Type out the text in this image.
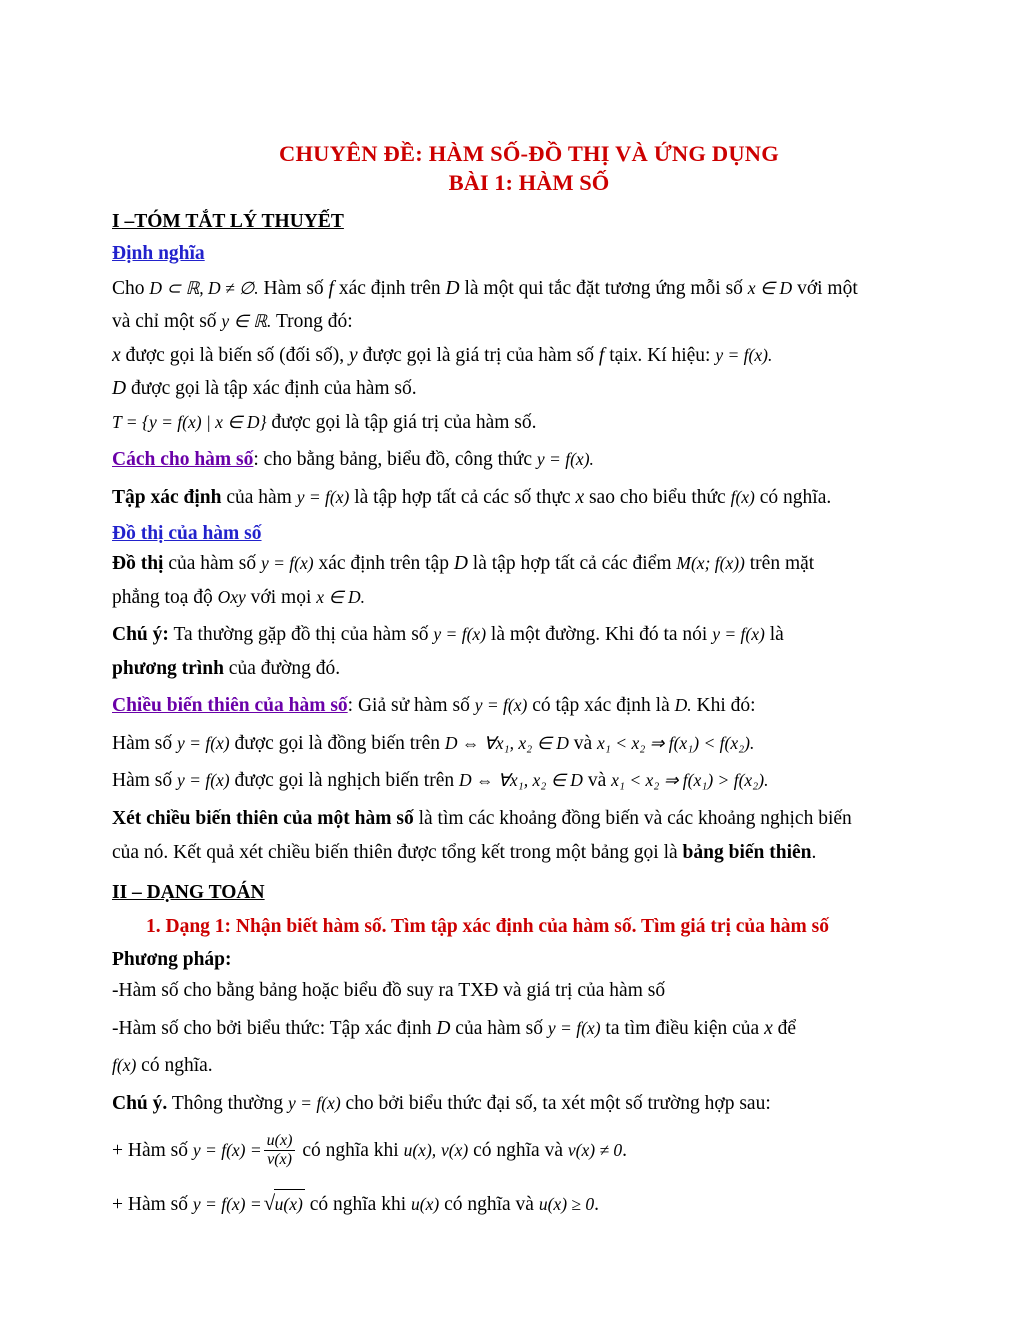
CHUYÊN ĐỀ: HÀM SỐ-ĐỒ THỊ VÀ ỨNG DỤNG
BÀI 1: HÀM SỐ
I –TÓM TẮT LÝ THUYẾT
Định nghĩa
Cho D ⊂ ℝ, D ≠ ∅. Hàm số f xác định trên D là một qui tắc đặt tương ứng mỗi số x ∈ D với một
và chỉ một số y ∈ ℝ. Trong đó:
x được gọi là biến số (đối số), y được gọi là giá trị của hàm số f tạix. Kí hiệu: y = f(x).
D được gọi là tập xác định của hàm số.
T = {y = f(x) | x ∈ D} được gọi là tập giá trị của hàm số.
Cách cho hàm số: cho bằng bảng, biểu đồ, công thức y = f(x).
Tập xác định của hàm y = f(x) là tập hợp tất cả các số thực x sao cho biểu thức f(x) có nghĩa.
Đồ thị của hàm số
Đồ thị của hàm số y = f(x) xác định trên tập D là tập hợp tất cả các điểm M(x; f(x)) trên mặt
phẳng toạ độ Oxy với mọi x ∈ D.
Chú ý: Ta thường gặp đồ thị của hàm số y = f(x) là một đường. Khi đó ta nói y = f(x) là
phương trình của đường đó.
Chiều biến thiên của hàm số: Giả sử hàm số y = f(x) có tập xác định là D. Khi đó:
Hàm số y = f(x) được gọi là đồng biến trên D ⇔ ∀x₁, x₂ ∈ D và x₁ < x₂ ⇒ f(x₁) < f(x₂).
Hàm số y = f(x) được gọi là nghịch biến trên D ⇔ ∀x₁, x₂ ∈ D và x₁ < x₂ ⇒ f(x₁) > f(x₂).
Xét chiều biến thiên của một hàm số là tìm các khoảng đồng biến và các khoảng nghịch biến
của nó. Kết quả xét chiều biến thiên được tổng kết trong một bảng gọi là bảng biến thiên.
II – DẠNG TOÁN
1. Dạng 1: Nhận biết hàm số. Tìm tập xác định của hàm số. Tìm giá trị của hàm số
Phương pháp:
-Hàm số cho bằng bảng hoặc biểu đồ suy ra TXĐ và giá trị của hàm số
-Hàm số cho bởi biểu thức: Tập xác định D của hàm số y = f(x) ta tìm điều kiện của x để
f(x) có nghĩa.
Chú ý. Thông thường y = f(x) cho bởi biểu thức đại số, ta xét một số trường hợp sau:
+ Hàm số $y = f(x) = \frac{u(x)}{v(x)}$ có nghĩa khi u(x), v(x) có nghĩa và v(x) ≠ 0.
+ Hàm số y = f(x) = √ u(x) có nghĩa khi u(x) có nghĩa và u(x) ≥ 0.
